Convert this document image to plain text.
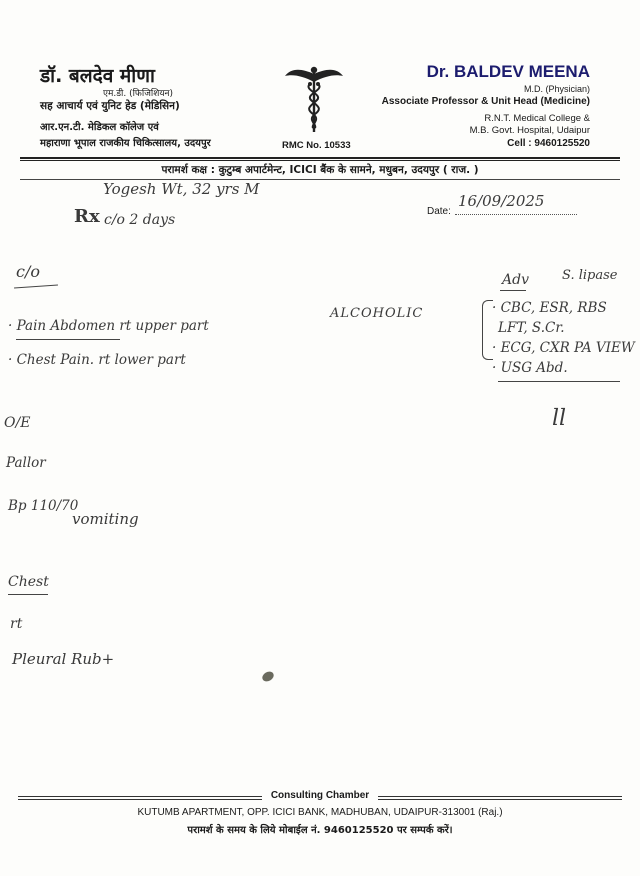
डॉ. बलदेव मीणा
एम.डी. (फिजिशियन)
सह आचार्य एवं युनिट हेड (मेडिसिन)
आर.एन.टी. मेडिकल कॉलेज एवं
महाराणा भूपाल राजकीय चिकित्सालय, उदयपुर	RMC No. 10533
Dr. BALDEV MEENA
M.D. (Physician)
Associate Professor & Unit Head (Medicine)
R.N.T. Medical College &
M.B. Govt. Hospital, Udaipur
Cell : 9460125520
परामर्श कक्ष : कुटुम्ब अपार्टमेन्ट, ICICI बैंक के सामने, मधुबन, उदयपुर ( राज. )
Date:
16/09/2025
Yogesh Wt, 32 yrs M
Rx c/o 2 days
c/o
· Pain Abdomen rt upper part
· Chest Pain. rt lower part
ALCOHOLIC
O/E
Pallor
Bp 110/70
vomiting
Chest
rt
Pleural Rub+
Adv	S. lipase
· CBC, ESR, RBS
LFT, S.Cr.
· ECG, CXR PA VIEW
· USG Abd.
ll
Consulting Chamber
KUTUMB APARTMENT, OPP. ICICI BANK, MADHUBAN, UDAIPUR-313001 (Raj.)
परामर्श के समय के लिये मोबाईल नं. 9460125520 पर सम्पर्क करें।
